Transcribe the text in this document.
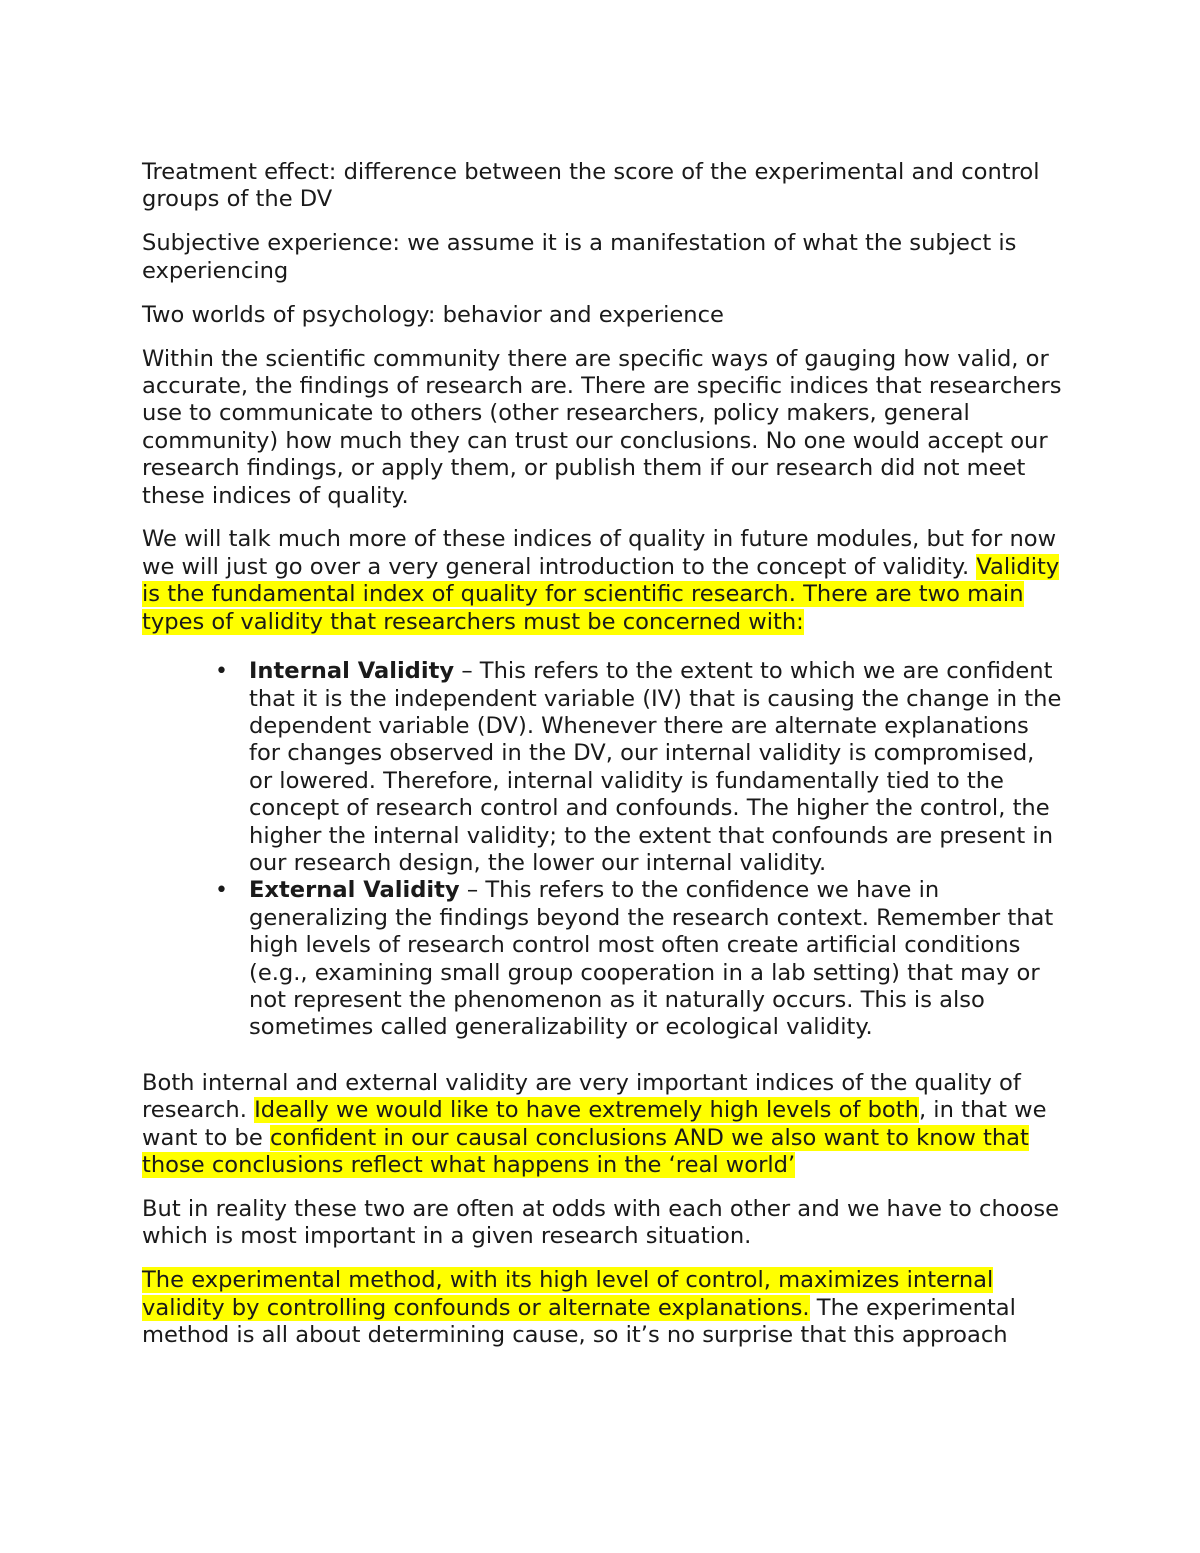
Treatment effect: difference between the score of the experimental and control groups of the DV

Subjective experience: we assume it is a manifestation of what the subject is experiencing

Two worlds of psychology: behavior and experience

Within the scientific community there are specific ways of gauging how valid, or accurate, the findings of research are. There are specific indices that researchers use to communicate to others (other researchers, policy makers, general community) how much they can trust our conclusions. No one would accept our research findings, or apply them, or publish them if our research did not meet these indices of quality.

We will talk much more of these indices of quality in future modules, but for now we will just go over a very general introduction to the concept of validity. Validity is the fundamental index of quality for scientific research. There are two main types of validity that researchers must be concerned with:

• Internal Validity – This refers to the extent to which we are confident that it is the independent variable (IV) that is causing the change in the dependent variable (DV). Whenever there are alternate explanations for changes observed in the DV, our internal validity is compromised, or lowered. Therefore, internal validity is fundamentally tied to the concept of research control and confounds. The higher the control, the higher the internal validity; to the extent that confounds are present in our research design, the lower our internal validity.
• External Validity – This refers to the confidence we have in generalizing the findings beyond the research context. Remember that high levels of research control most often create artificial conditions (e.g., examining small group cooperation in a lab setting) that may or not represent the phenomenon as it naturally occurs. This is also sometimes called generalizability or ecological validity.

Both internal and external validity are very important indices of the quality of research. Ideally we would like to have extremely high levels of both, in that we want to be confident in our causal conclusions AND we also want to know that those conclusions reflect what happens in the ‘real world’

But in reality these two are often at odds with each other and we have to choose which is most important in a given research situation.

The experimental method, with its high level of control, maximizes internal validity by controlling confounds or alternate explanations. The experimental method is all about determining cause, so it’s no surprise that this approach
